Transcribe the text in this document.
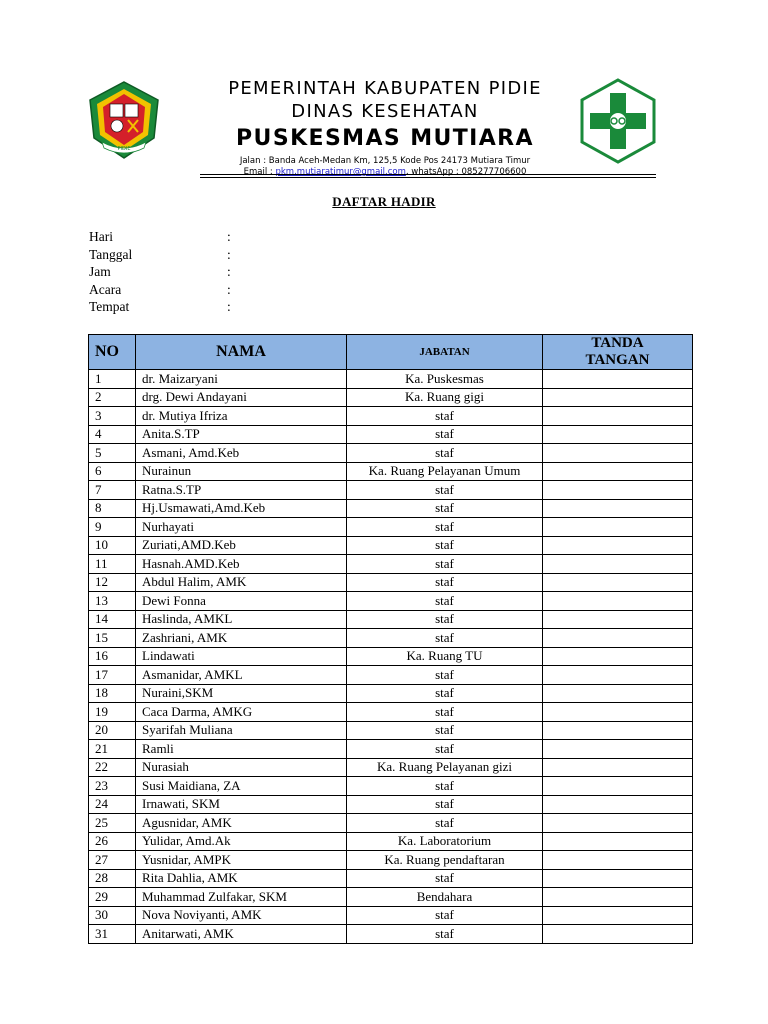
PIDIE
PEMERINTAH KABUPATEN PIDIE
DINAS KESEHATAN
PUSKESMAS MUTIARA
Jalan : Banda Aceh-Medan Km, 125,5 Kode Pos 24173 Mutiara Timur
Email : pkm.mutiaratimur@gmail.com, whatsApp : 085277706600
DAFTAR HADIR
Hari	:
Tanggal	:
Jam	:
Acara	:
Tempat	:
NO	NAMA	JABATAN	TANDA
TANGAN
1	dr. Maizaryani	Ka. Puskesmas	
2	drg. Dewi Andayani	Ka. Ruang gigi	
3	dr. Mutiya Ifriza	staf	
4	Anita.S.TP	staf	
5	Asmani, Amd.Keb	staf	
6	Nurainun	Ka. Ruang Pelayanan Umum	
7	Ratna.S.TP	staf	
8	Hj.Usmawati,Amd.Keb	staf	
9	Nurhayati	staf	
10	Zuriati,AMD.Keb	staf	
11	Hasnah.AMD.Keb	staf	
12	Abdul Halim, AMK	staf	
13	Dewi Fonna	staf	
14	Haslinda, AMKL	staf	
15	Zashriani, AMK	staf	
16	Lindawati	Ka. Ruang TU	
17	Asmanidar, AMKL	staf	
18	Nuraini,SKM	staf	
19	Caca Darma, AMKG	staf	
20	Syarifah Muliana	staf	
21	Ramli	staf	
22	Nurasiah	Ka. Ruang Pelayanan gizi	
23	Susi Maidiana, ZA	staf	
24	Irnawati, SKM	staf	
25	Agusnidar, AMK	staf	
26	Yulidar, Amd.Ak	Ka. Laboratorium	
27	Yusnidar, AMPK	Ka. Ruang pendaftaran	
28	Rita Dahlia, AMK	staf	
29	Muhammad Zulfakar, SKM	Bendahara	
30	Nova Noviyanti, AMK	staf	
31	Anitarwati, AMK	staf	
